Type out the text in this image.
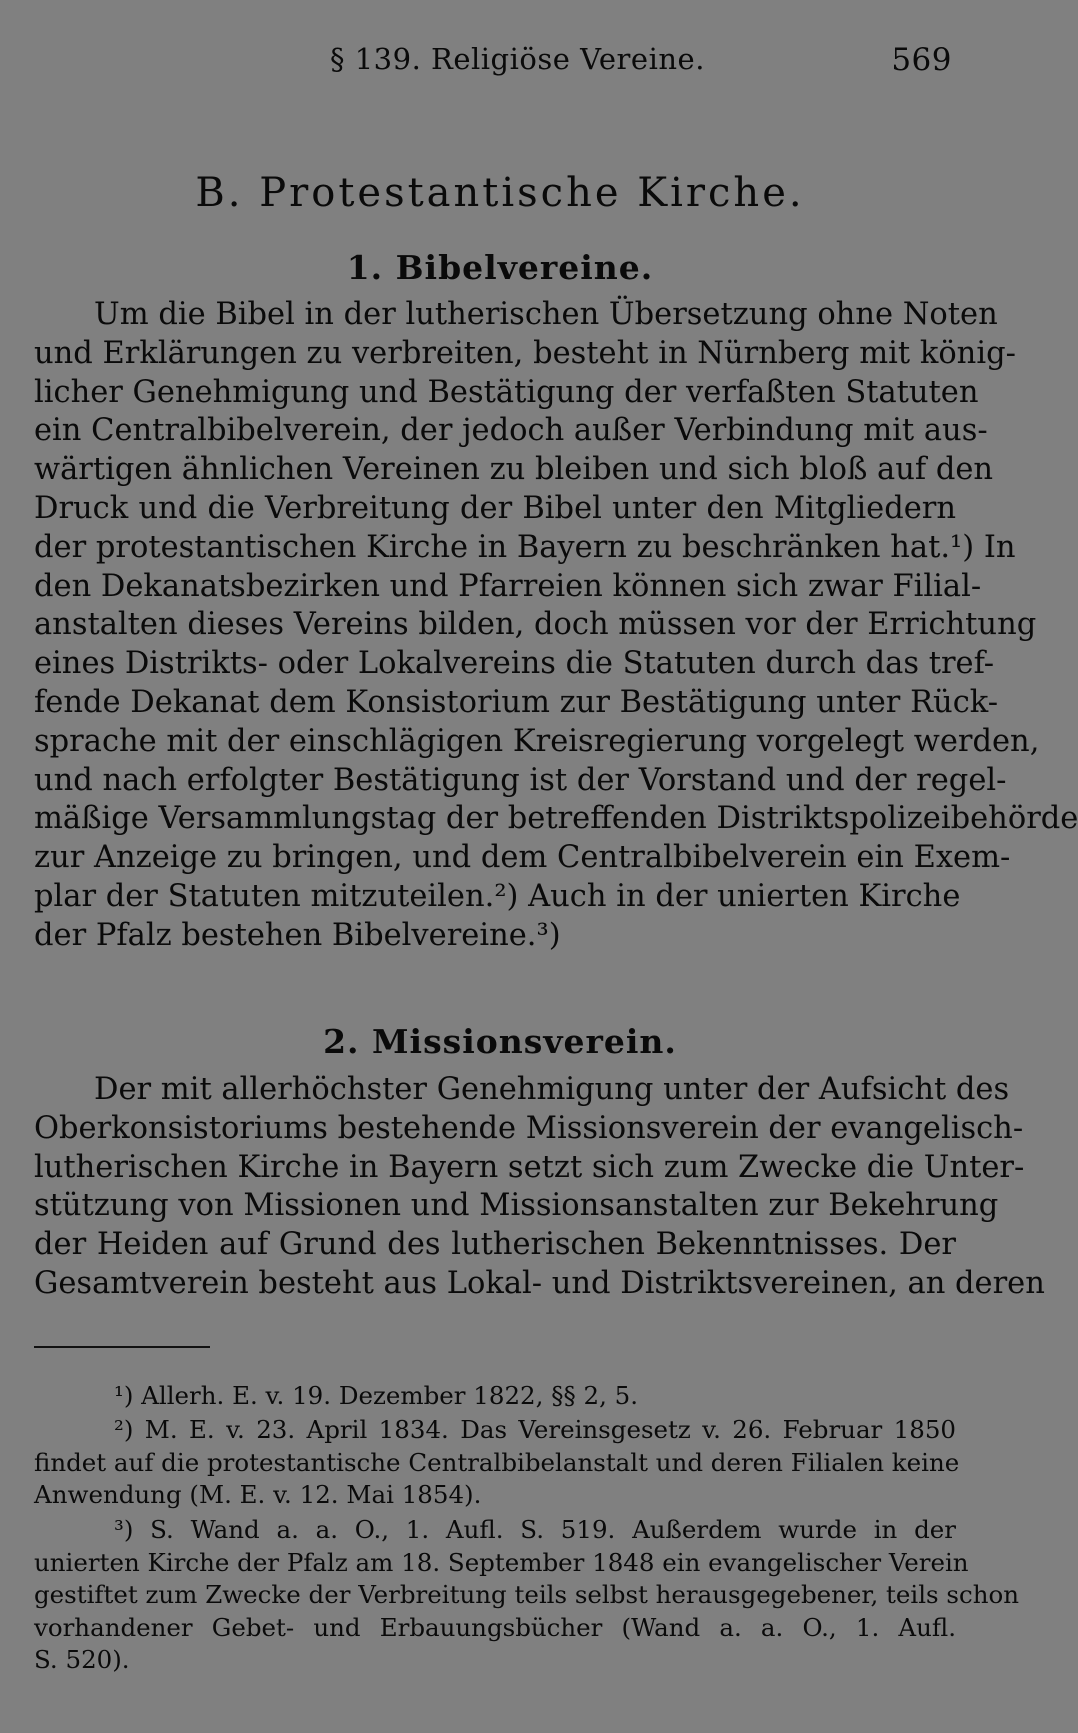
§ 139. Religiöse Vereine.	569
B. Protestantische Kirche.
1. Bibelvereine.
Um die Bibel in der lutherischen Übersetzung ohne Noten
und Erklärungen zu verbreiten, besteht in Nürnberg mit könig-
licher Genehmigung und Bestätigung der verfaßten Statuten
ein Centralbibelverein, der jedoch außer Verbindung mit aus-
wärtigen ähnlichen Vereinen zu bleiben und sich bloß auf den
Druck und die Verbreitung der Bibel unter den Mitgliedern
der protestantischen Kirche in Bayern zu beschränken hat.¹) In
den Dekanatsbezirken und Pfarreien können sich zwar Filial-
anstalten dieses Vereins bilden, doch müssen vor der Errichtung
eines Distrikts- oder Lokalvereins die Statuten durch das tref-
fende Dekanat dem Konsistorium zur Bestätigung unter Rück-
sprache mit der einschlägigen Kreisregierung vorgelegt werden,
und nach erfolgter Bestätigung ist der Vorstand und der regel-
mäßige Versammlungstag der betreffenden Distriktspolizeibehörde
zur Anzeige zu bringen, und dem Centralbibelverein ein Exem-
plar der Statuten mitzuteilen.²) Auch in der unierten Kirche
der Pfalz bestehen Bibelvereine.³)
2. Missionsverein.
Der mit allerhöchster Genehmigung unter der Aufsicht des
Oberkonsistoriums bestehende Missionsverein der evangelisch-
lutherischen Kirche in Bayern setzt sich zum Zwecke die Unter-
stützung von Missionen und Missionsanstalten zur Bekehrung
der Heiden auf Grund des lutherischen Bekenntnisses. Der
Gesamtverein besteht aus Lokal- und Distriktsvereinen, an deren
¹) Allerh. E. v. 19. Dezember 1822, §§ 2, 5.
²) M. E. v. 23. April 1834. Das Vereinsgesetz v. 26. Februar 1850
findet auf die protestantische Centralbibelanstalt und deren Filialen keine
Anwendung (M. E. v. 12. Mai 1854).
³) S. Wand a. a. O., 1. Aufl. S. 519. Außerdem wurde in der
unierten Kirche der Pfalz am 18. September 1848 ein evangelischer Verein
gestiftet zum Zwecke der Verbreitung teils selbst herausgegebener, teils schon
vorhandener Gebet- und Erbauungsbücher (Wand a. a. O., 1. Aufl.
S. 520).
